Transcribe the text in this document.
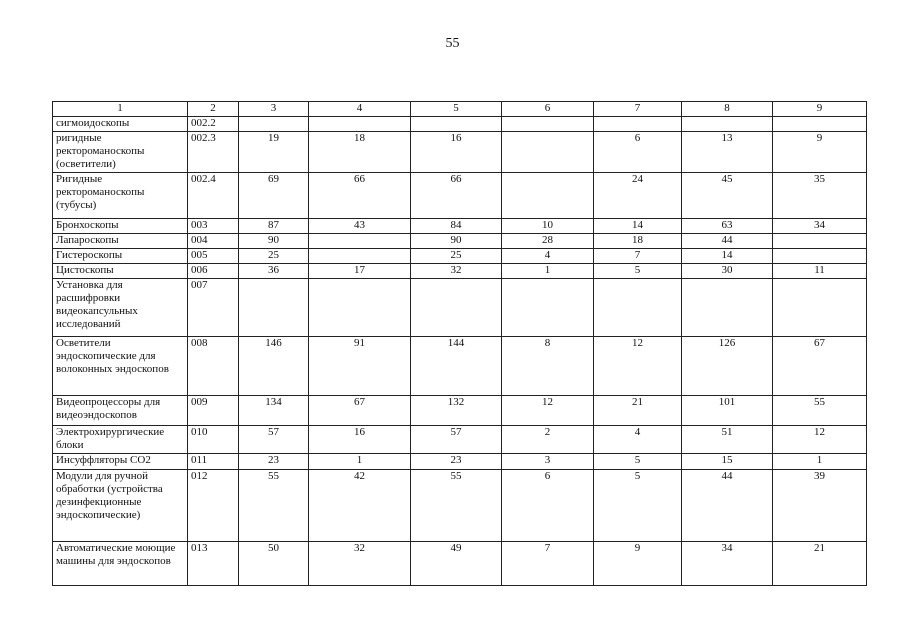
55
1	2	3	4	5	6	7	8	9
сигмоидоскопы	002.2							
ригидные ректороманоскопы (осветители)	002.3	19	18	16		6	13	9
Ригидные ректороманоскопы (тубусы)	002.4	69	66	66		24	45	35
Бронхоскопы	003	87	43	84	10	14	63	34
Лапароскопы	004	90		90	28	18	44	
Гистероскопы	005	25		25	4	7	14	
Цистоскопы	006	36	17	32	1	5	30	11
Установка для расшифровки видеокапсульных исследований	007							
Осветители эндоскопические для волоконных эндоскопов	008	146	91	144	8	12	126	67
Видеопроцессоры для видеоэндоскопов	009	134	67	132	12	21	101	55
Электрохирургические блоки	010	57	16	57	2	4	51	12
Инсуффляторы CO2	011	23	1	23	3	5	15	1
Модули для ручной обработки (устройства дезинфекционные эндоскопические)	012	55	42	55	6	5	44	39
Автоматические моющие машины для эндоскопов	013	50	32	49	7	9	34	21
